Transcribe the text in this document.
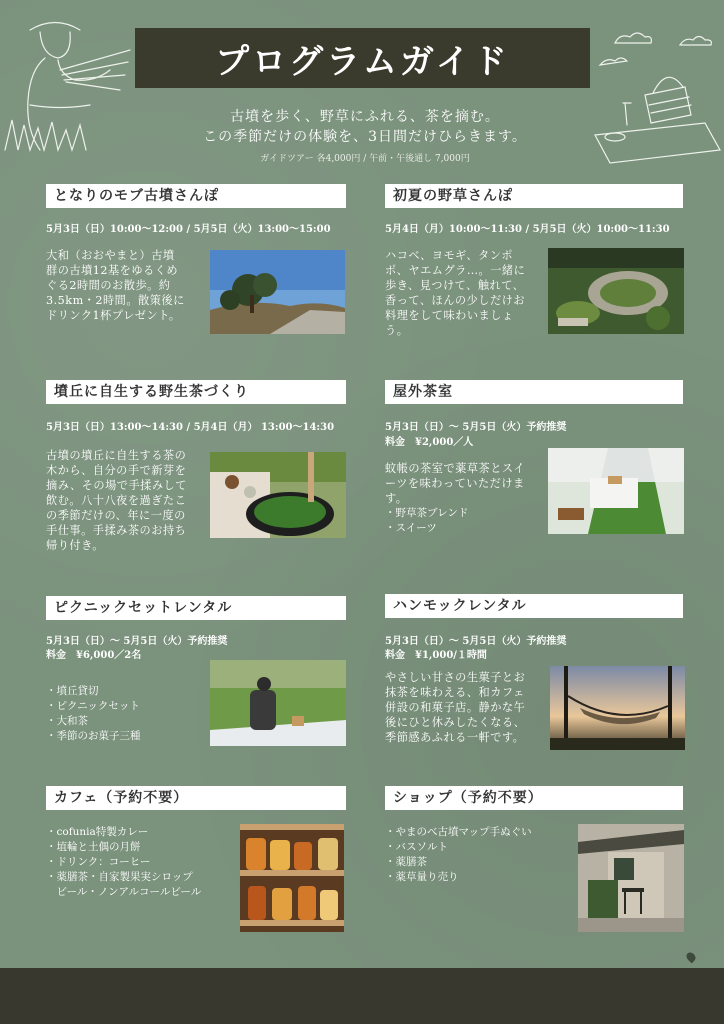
プログラムガイド
古墳を歩く、野草にふれる、茶を摘む。
この季節だけの体験を、3日間だけひらきます。
ガイドツアー 各4,000円 / 午前・午後通し 7,000円
となりのモブ古墳さんぽ
5月3日（日）10:00～12:00 / 5月5日（火）13:00～15:00
大和（おおやまと）古墳
群の古墳12基をゆるくめ
ぐる2時間のお散歩。約
3.5km・2時間。散策後に
ドリンク1杯プレゼント。
初夏の野草さんぽ
5月4日（月）10:00～11:30 / 5月5日（火）10:00～11:30
ハコベ、ヨモギ、タンポ
ポ、ヤエムグラ…。一緒に
歩き、見つけて、触れて、
香って、ほんの少しだけお
料理をして味わいましょ
う。
墳丘に自生する野生茶づくり
5月3日（日）13:00～14:30 / 5月4日（月） 13:00～14:30
古墳の墳丘に自生する茶の
木から、自分の手で新芽を
摘み、その場で手揉みして
飲む。八十八夜を過ぎたこ
の季節だけの、年に一度の
手仕事。手揉み茶のお持ち
帰り付き。
屋外茶室
5月3日（日）～ 5月5日（火）予約推奨
料金　¥2,000／人
蚊帳の茶室で薬草茶とスイ
ーツを味わっていただけま
す。
・野草茶ブレンド
・スイーツ
ピクニックセットレンタル
5月3日（日）～ 5月5日（火）予約推奨
料金　¥6,000／2名
・墳丘貸切
・ピクニックセット
・大和茶
・季節のお菓子三種
ハンモックレンタル
5月3日（日）～ 5月5日（火）予約推奨
料金　¥1,000/１時間
やさしい甘さの生菓子とお
抹茶を味わえる、和カフェ
併設の和菓子店。静かな午
後にひと休みしたくなる、
季節感あふれる一軒です。
カフェ（予約不要）
・cofunia特製カレー
・埴輪と土偶の月餅
・ドリンク：コーヒー
・薬膳茶・自家製果実シロップ
　ビール・ノンアルコールビール
ショップ（予約不要）
・やまのべ古墳マップ手ぬぐい
・バスソルト
・薬膳茶
・薬草量り売り
